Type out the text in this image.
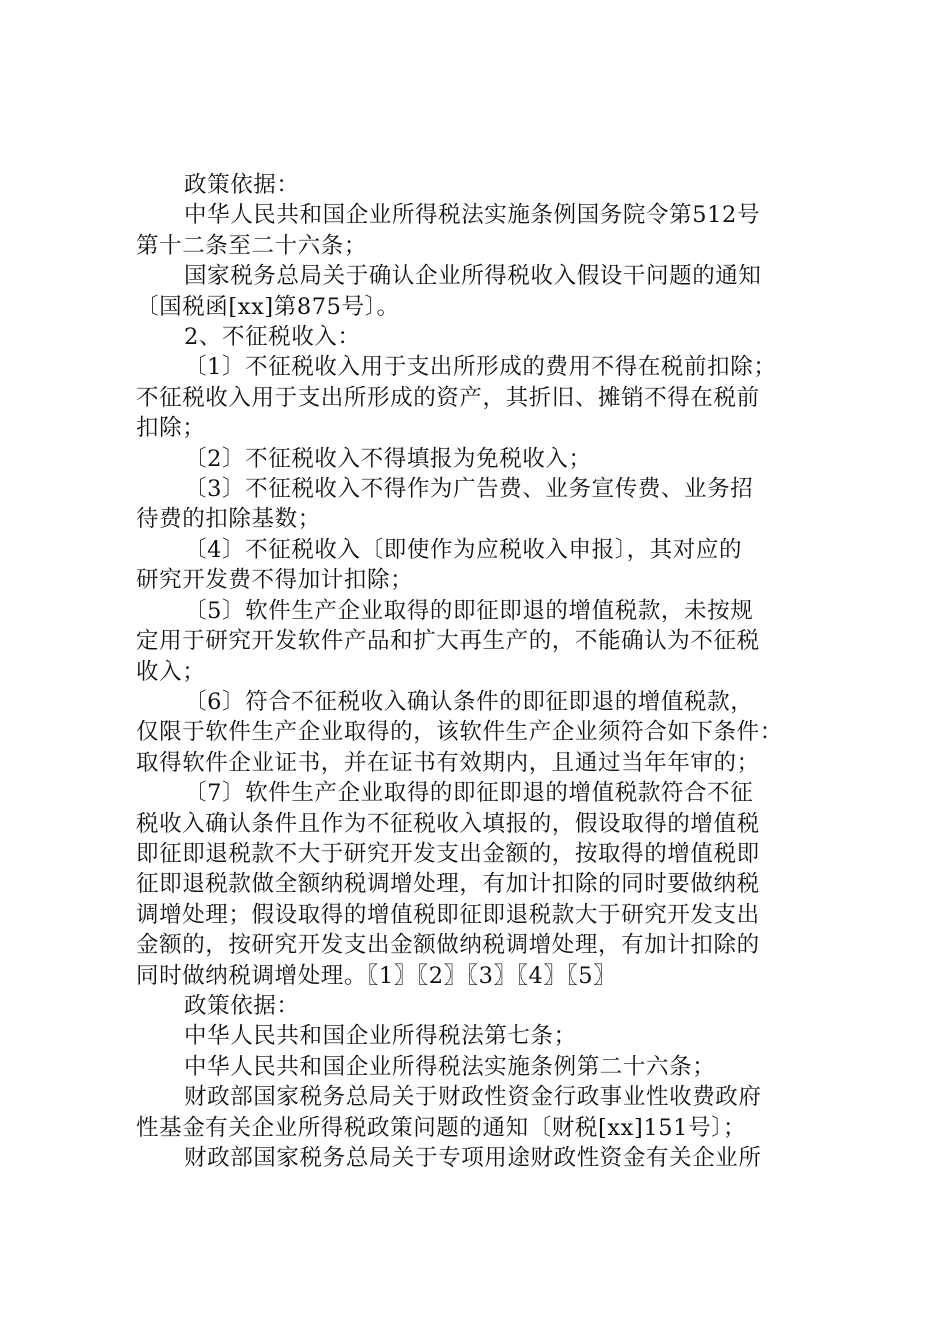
政策依据：
中华人民共和国企业所得税法实施条例国务院令第512号
第十二条至二十六条；
国家税务总局关于确认企业所得税收入假设干问题的通知
〔国税函[xx]第875号〕。
2、不征税收入：
〔1〕不征税收入用于支出所形成的费用不得在税前扣除；
不征税收入用于支出所形成的资产，其折旧、摊销不得在税前
扣除；
〔2〕不征税收入不得填报为免税收入；
〔3〕不征税收入不得作为广告费、业务宣传费、业务招
待费的扣除基数；
〔4〕不征税收入〔即使作为应税收入申报〕，其对应的
研究开发费不得加计扣除；
〔5〕软件生产企业取得的即征即退的增值税款，未按规
定用于研究开发软件产品和扩大再生产的，不能确认为不征税
收入；
〔6〕符合不征税收入确认条件的即征即退的增值税款，
仅限于软件生产企业取得的，该软件生产企业须符合如下条件：
取得软件企业证书，并在证书有效期内，且通过当年年审的；
〔7〕软件生产企业取得的即征即退的增值税款符合不征
税收入确认条件且作为不征税收入填报的，假设取得的增值税
即征即退税款不大于研究开发支出金额的，按取得的增值税即
征即退税款做全额纳税调增处理，有加计扣除的同时要做纳税
调增处理；假设取得的增值税即征即退税款大于研究开发支出
金额的，按研究开发支出金额做纳税调增处理，有加计扣除的
同时做纳税调增处理。〖1〗〖2〗〖3〗〖4〗〖5〗
政策依据：
中华人民共和国企业所得税法第七条；
中华人民共和国企业所得税法实施条例第二十六条；
财政部国家税务总局关于财政性资金行政事业性收费政府
性基金有关企业所得税政策问题的通知〔财税[xx]151号〕；
财政部国家税务总局关于专项用途财政性资金有关企业所
